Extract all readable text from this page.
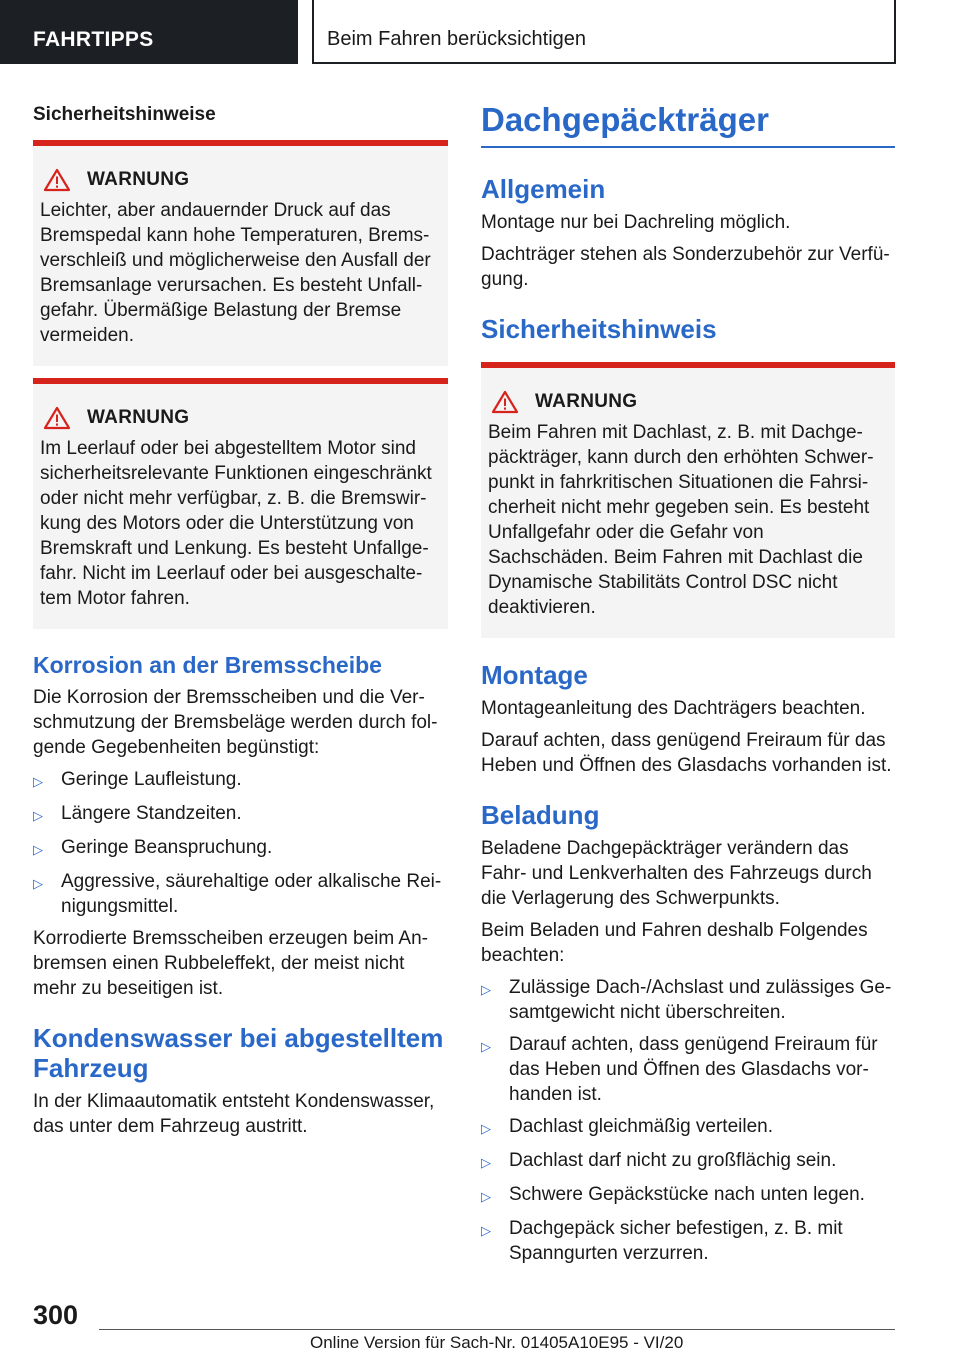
FAHRTIPPS	Beim Fahren berücksichtigen
Sicherheitshinweise
WARNUNG
Leichter, aber andauernder Druck auf das Bremspedal kann hohe Temperaturen, Bremsverschleiß und möglicherweise den Ausfall der Bremsanlage verursachen. Es besteht Unfallgefahr. Übermäßige Belastung der Bremse vermeiden.
WARNUNG
Im Leerlauf oder bei abgestelltem Motor sind sicherheitsrelevante Funktionen eingeschränkt oder nicht mehr verfügbar, z. B. die Bremswirkung des Motors oder die Unterstützung von Bremskraft und Lenkung. Es besteht Unfallgefahr. Nicht im Leerlauf oder bei ausgeschaltetem Motor fahren.
Korrosion an der Bremsscheibe

Die Korrosion der Bremsscheiben und die Verschmutzung der Bremsbeläge werden durch folgende Gegebenheiten begünstigt:

▷ Geringe Laufleistung.
▷ Längere Standzeiten.
▷ Geringe Beanspruchung.
▷ Aggressive, säurehaltige oder alkalische Reinigungsmittel.

Korrodierte Bremsscheiben erzeugen beim Anbremsen einen Rubbeleffekt, der meist nicht mehr zu beseitigen ist.

Kondenswasser bei abgestelltem Fahrzeug

In der Klimaautomatik entsteht Kondenswasser, das unter dem Fahrzeug austritt.

Dachgepäckträger
Allgemein

Montage nur bei Dachreling möglich.

Dachträger stehen als Sonderzubehör zur Verfügung.

Sicherheitshinweis
WARNUNG
Beim Fahren mit Dachlast, z. B. mit Dachgepäckträger, kann durch den erhöhten Schwerpunkt in fahrkritischen Situationen die Fahrsicherheit nicht mehr gegeben sein. Es besteht Unfallgefahr oder die Gefahr von Sachschäden. Beim Fahren mit Dachlast die Dynamische Stabilitäts Control DSC nicht deaktivieren.
Montage

Montageanleitung des Dachträgers beachten.

Darauf achten, dass genügend Freiraum für das Heben und Öffnen des Glasdachs vorhanden ist.

Beladung

Beladene Dachgepäckträger verändern das Fahr- und Lenkverhalten des Fahrzeugs durch die Verlagerung des Schwerpunkts.

Beim Beladen und Fahren deshalb Folgendes beachten:

▷ Zulässige Dach-/Achslast und zulässiges Gesamtgewicht nicht überschreiten.
▷ Darauf achten, dass genügend Freiraum für das Heben und Öffnen des Glasdachs vorhanden ist.
▷ Dachlast gleichmäßig verteilen.
▷ Dachlast darf nicht zu großflächig sein.
▷ Schwere Gepäckstücke nach unten legen.
▷ Dachgepäck sicher befestigen, z. B. mit Spanngurten verzurren.
300
Online Version für Sach-Nr. 01405A10E95 - VI/20
